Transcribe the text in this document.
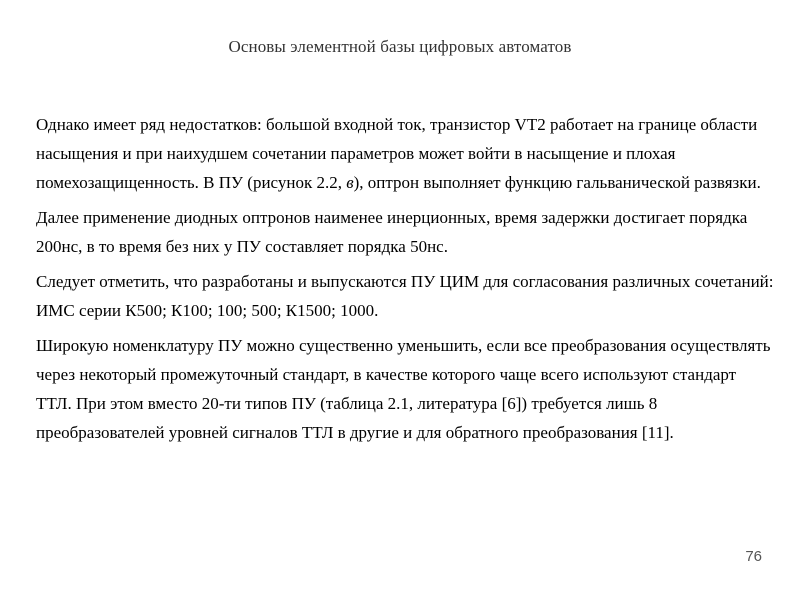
Основы элементной базы цифровых автоматов

Однако имеет ряд недостатков: большой входной ток, транзистор VT2 работает на границе области насыщения и при наихудшем сочетании параметров может войти в насыщение и плохая помехозащищенность. В ПУ (рисунок 2.2, в), оптрон выполняет функцию гальванической развязки.

Далее применение диодных оптронов наименее инерционных, время задержки достигает порядка 200нс, в то время без них у ПУ составляет порядка 50нс.

Следует отметить, что разработаны и выпускаются ПУ ЦИМ для согласования различных сочетаний: ИМС серии К500; К100; 100; 500; К1500; 1000.

Широкую номенклатуру ПУ можно существенно уменьшить, если все преобразования осуществлять через некоторый промежуточный стандарт, в качестве которого чаще всего используют стандарт ТТЛ. При этом вместо 20-ти типов ПУ (таблица 2.1, литература [6]) требуется лишь 8 преобразователей уровней сигналов ТТЛ в другие и для обратного преобразования [11].

76
